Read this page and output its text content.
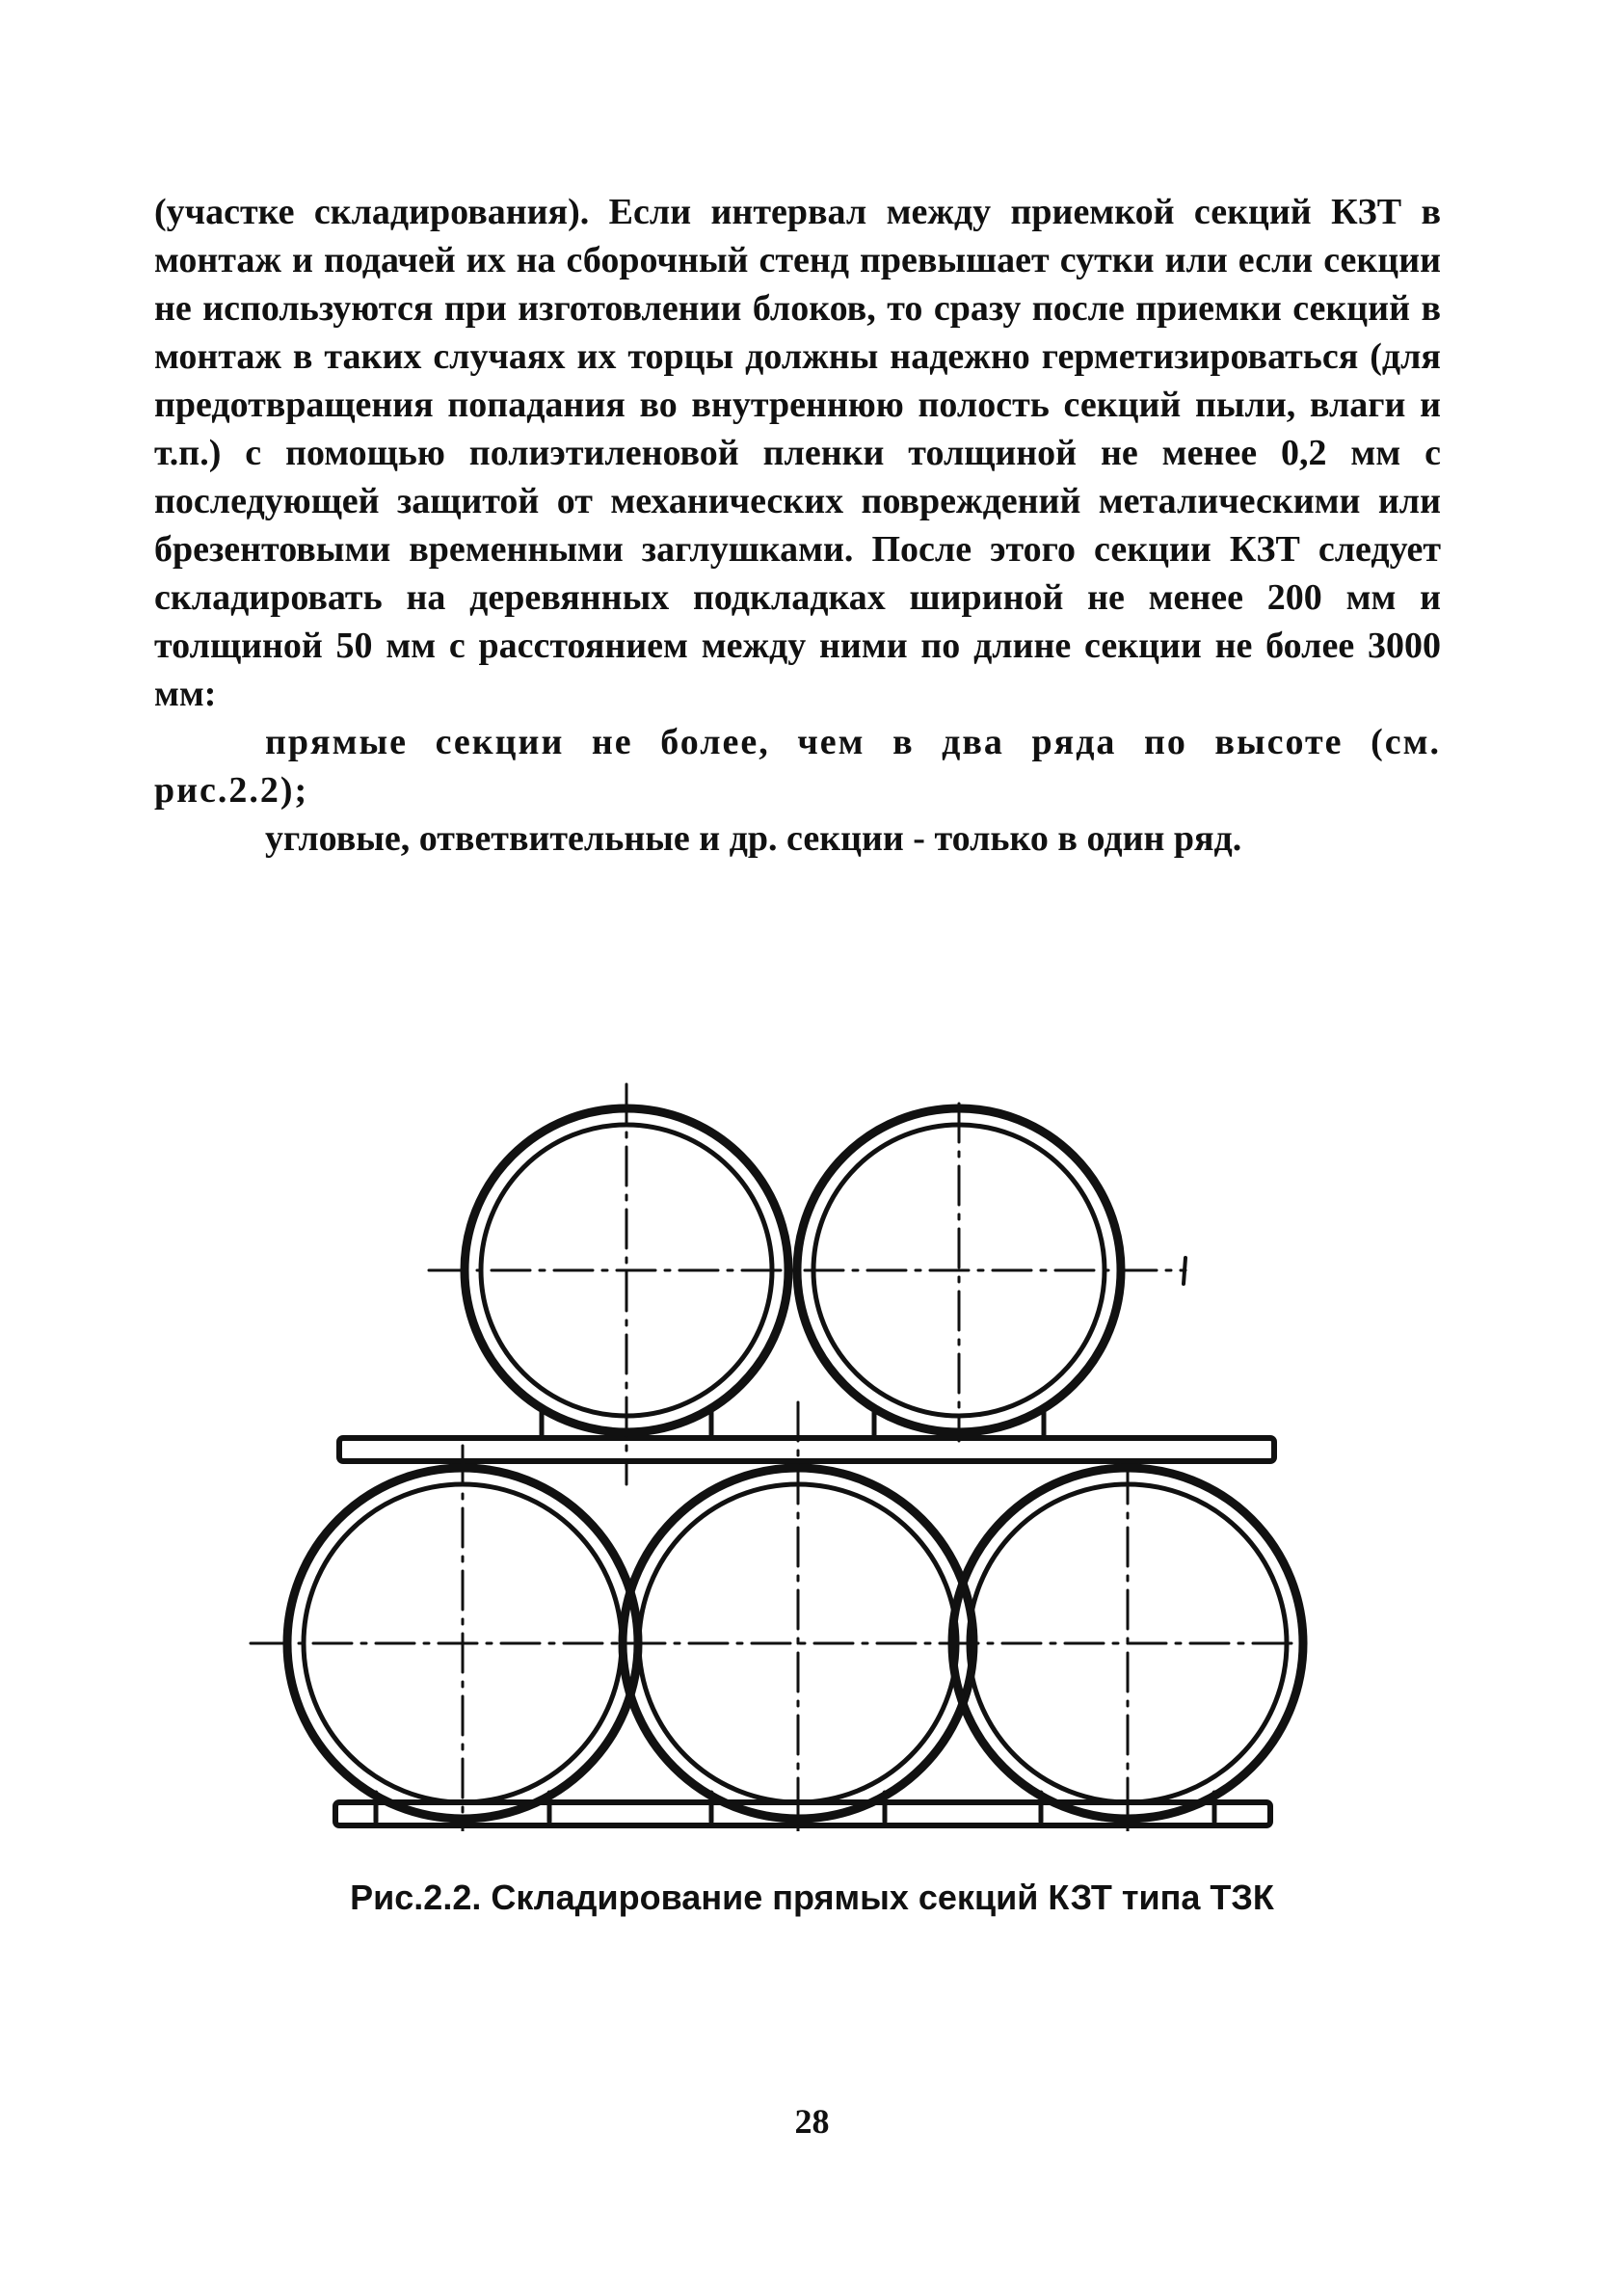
(участке складирования). Если интервал между приемкой секций КЗТ в монтаж и подачей их на сборочный стенд превышает сутки или если секции не используются при изготовлении блоков, то сразу после приемки секций в монтаж в таких случаях их торцы должны надежно герметизироваться (для предотвращения попадания во внутреннюю полость секций пыли, влаги и т.п.) с помощью полиэтиленовой пленки толщиной не менее 0,2 мм с последующей защитой от механических повреждений металическими или брезентовыми временными заглушками. После этого секции КЗТ следует складировать на деревянных подкладках шириной не менее 200 мм и толщиной 50 мм с расстоянием между ними по длине секции не более 3000 мм:

прямые секции не более, чем в два ряда по высоте (см. рис.2.2);

угловые, ответвительные и др. секции - только в один ряд.

Рис.2.2. Складирование прямых секций КЗТ типа ТЗК
28
